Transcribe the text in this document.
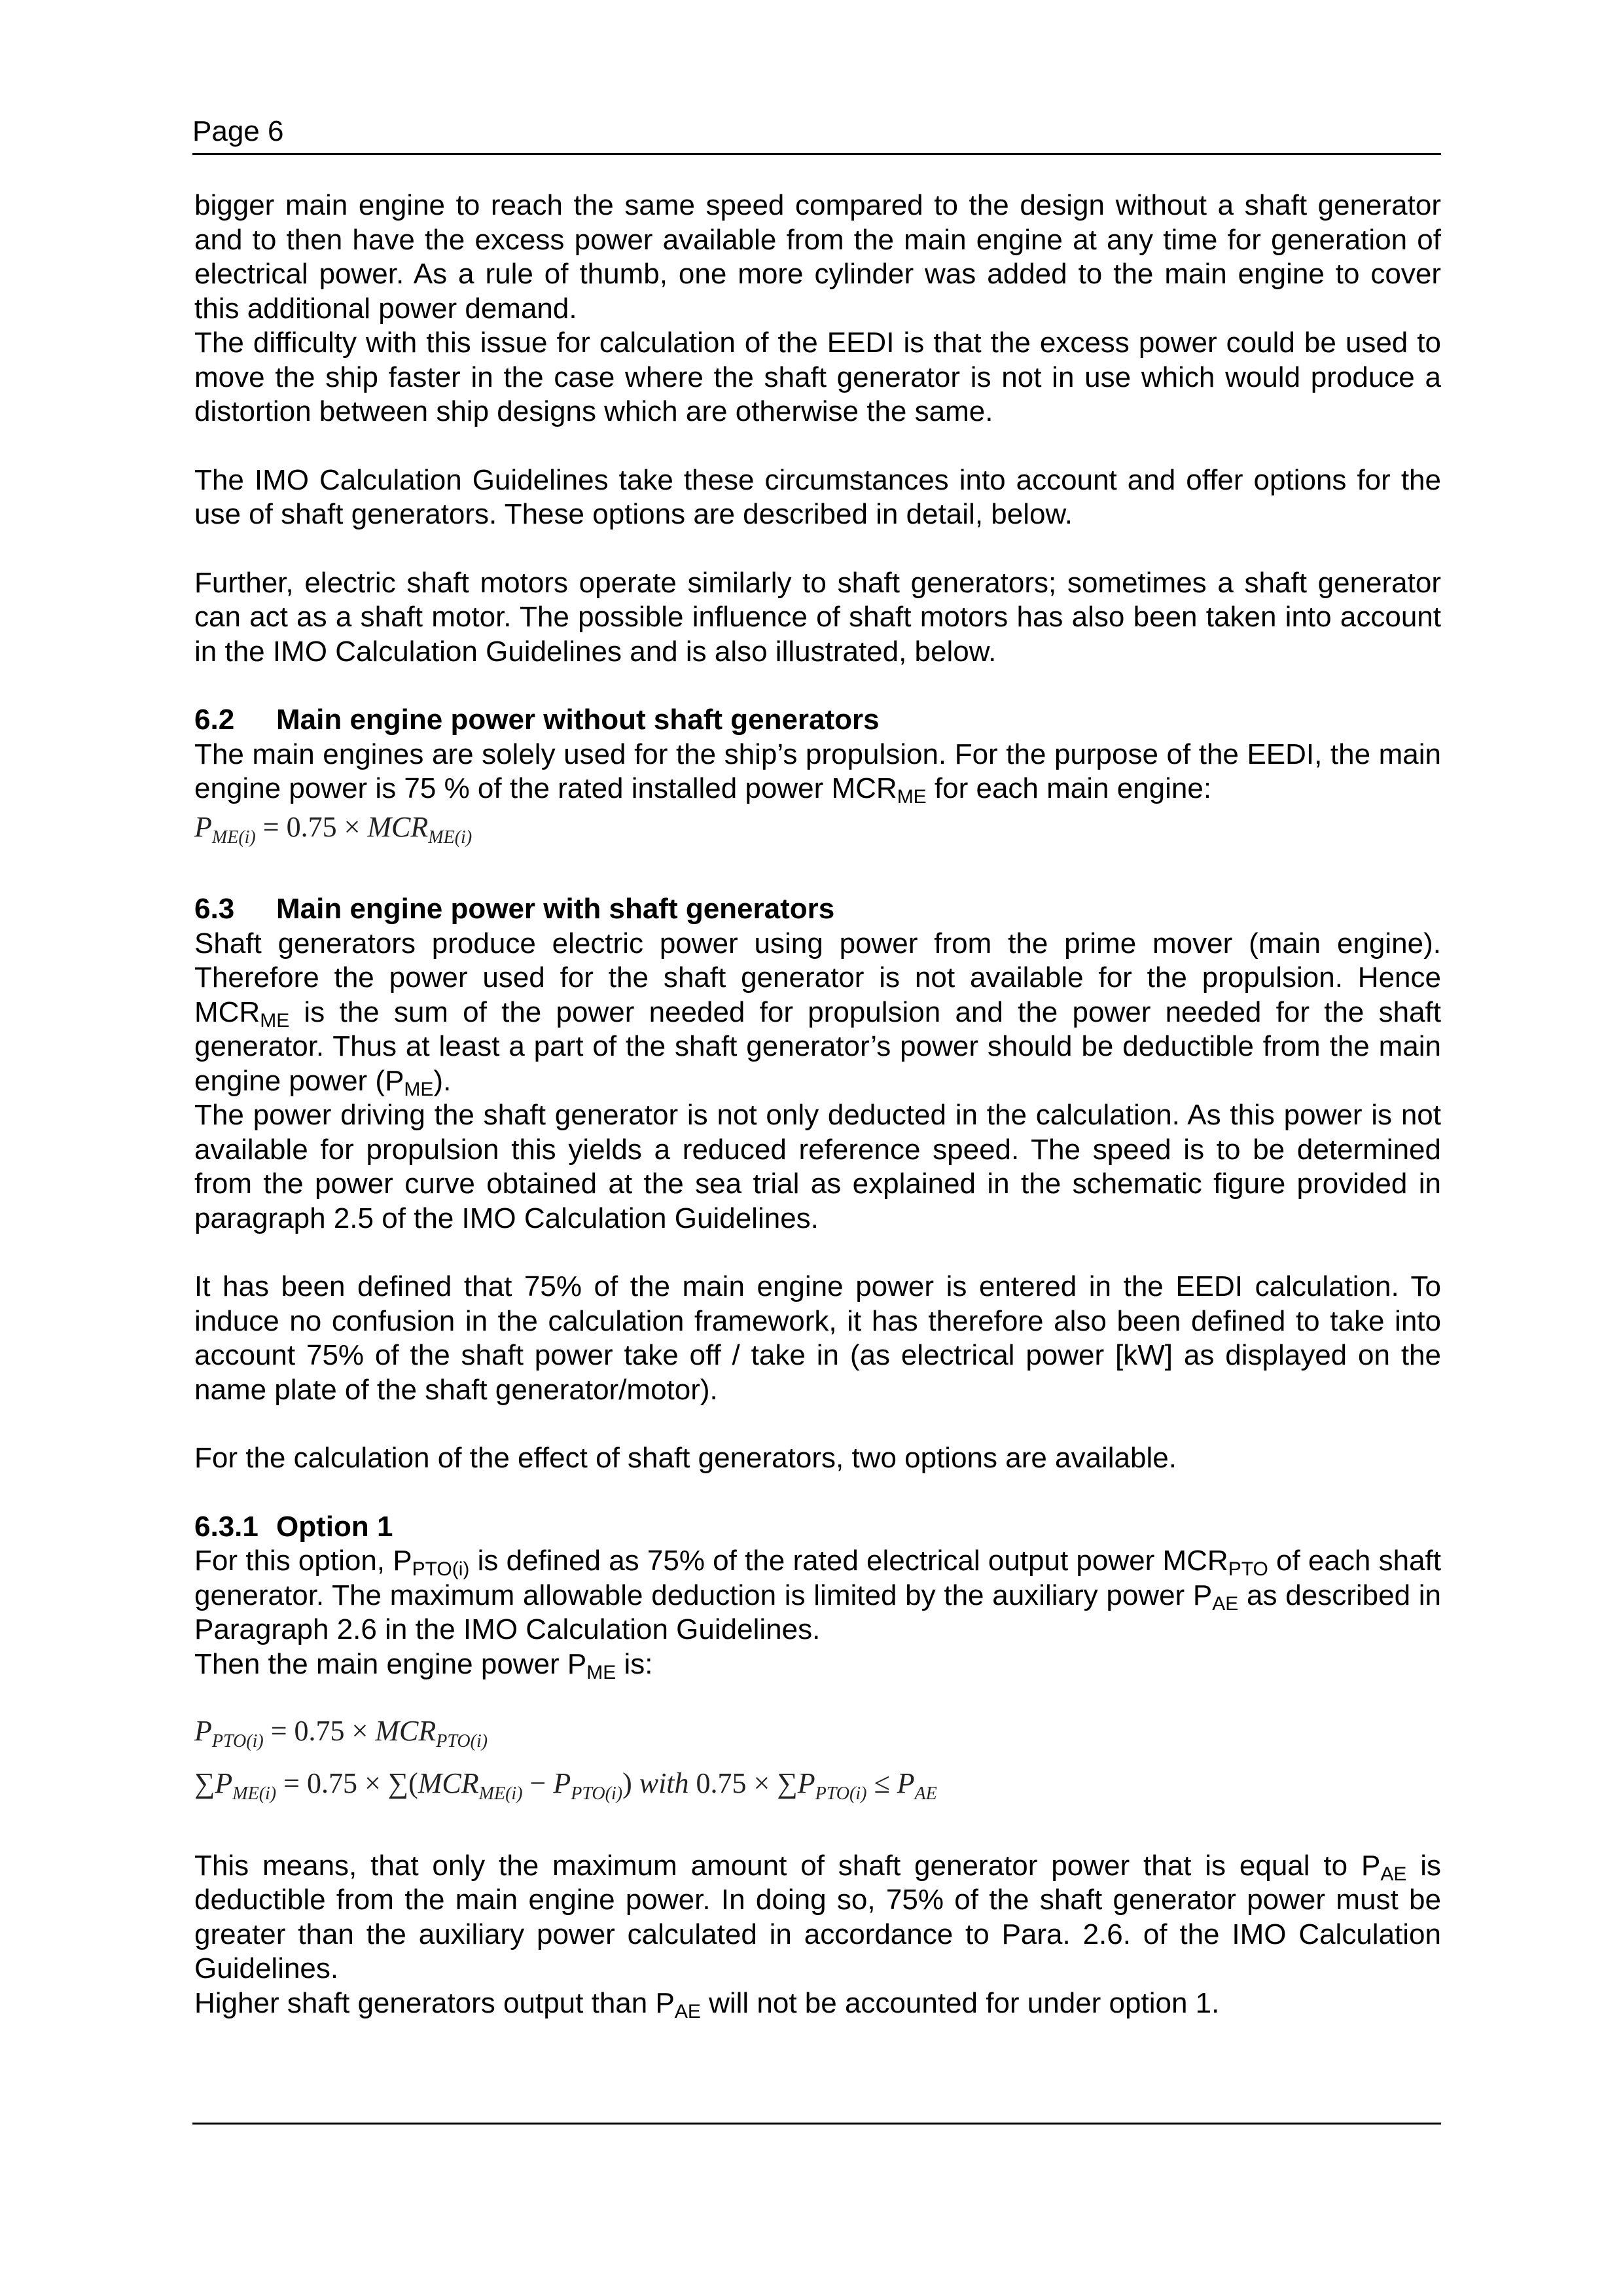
Page 6

bigger main engine to reach the same speed compared to the design without a shaft generator and to then have the excess power available from the main engine at any time for generation of electrical power. As a rule of thumb, one more cylinder was added to the main engine to cover this additional power demand.

The difficulty with this issue for calculation of the EEDI is that the excess power could be used to move the ship faster in the case where the shaft generator is not in use which would produce a distortion between ship designs which are otherwise the same.

The IMO Calculation Guidelines take these circumstances into account and offer options for the use of shaft generators. These options are described in detail, below.

Further, electric shaft motors operate similarly to shaft generators; sometimes a shaft generator can act as a shaft motor. The possible influence of shaft motors has also been taken into account in the IMO Calculation Guidelines and is also illustrated, below.

6.2 Main engine power without shaft generators

The main engines are solely used for the ship’s propulsion. For the purpose of the EEDI, the main engine power is 75 % of the rated installed power $MCR_{ME}$ for each main engine:

$P_{ME(i)} = 0.75 \times MCR_{ME(i)}$
6.3 Main engine power with shaft generators

Shaft generators produce electric power using power from the prime mover (main engine). Therefore the power used for the shaft generator is not available for the propulsion. Hence $MCR_{ME}$ is the sum of the power needed for propulsion and the power needed for the shaft generator. Thus at least a part of the shaft generator’s power should be deductible from the main engine power $(P_{ME})$.

The power driving the shaft generator is not only deducted in the calculation. As this power is not available for propulsion this yields a reduced reference speed. The speed is to be determined from the power curve obtained at the sea trial as explained in the schematic figure provided in paragraph 2.5 of the IMO Calculation Guidelines.

It has been defined that 75% of the main engine power is entered in the EEDI calculation. To induce no confusion in the calculation framework, it has therefore also been defined to take into account 75% of the shaft power take off / take in (as electrical power [kW] as displayed on the name plate of the shaft generator/motor).

For the calculation of the effect of shaft generators, two options are available.

6.3.1 Option 1

For this option, $P_{PTO(i)}$ is defined as 75% of the rated electrical output power $MCR_{PTO}$ of each shaft generator. The maximum allowable deduction is limited by the auxiliary power $P_{AE}$ as described in Paragraph 2.6 in the IMO Calculation Guidelines.

Then the main engine power $P_{ME}$ is:

$P_{PTO(i)} = 0.75 \times MCR_{PTO(i)}$
$\sum P_{ME(i)} = 0.75 \times \sum(MCR_{ME(i)} - P_{PTO(i)})$ with $0.75 \times \sum P_{PTO(i)} \le P_{AE}$

This means, that only the maximum amount of shaft generator power that is equal to $P_{AE}$ is deductible from the main engine power. In doing so, 75% of the shaft generator power must be greater than the auxiliary power calculated in accordance to Para. 2.6. of the IMO Calculation Guidelines.

Higher shaft generators output than $P_{AE}$ will not be accounted for under option 1.
